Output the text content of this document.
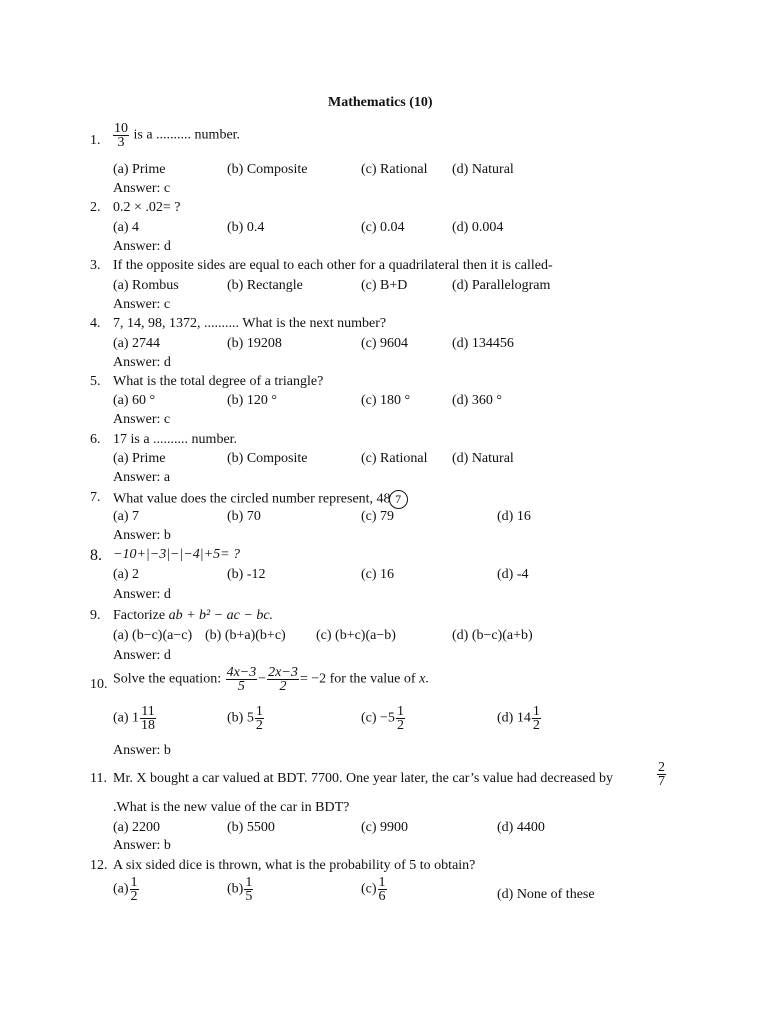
Mathematics (10)
1. $\frac{10}{3}$ is a .......... number.
(a) Prime	(b) Composite	(c) Rational (d) Natural
Answer: c
2. 0.2 × .02= ?
(a) 4	(b) 0.4	(c) 0.04	(d) 0.004
Answer: d
3. If the opposite sides are equal to each other for a quadrilateral then it is called-
(a) Rombus	(b) Rectangle	(c) B+D	(d) Parallelogram
Answer: c
4. 7, 14, 98, 1372, .......... What is the next number?
(a) 2744	(b) 19208	(c) 9604	(d) 134456
Answer: d
5. What is the total degree of a triangle?
(a) 60 °	(b) 120 °	(c) 180 °	(d) 360 °
Answer: c
6. 17 is a .......... number.
(a) Prime	(b) Composite	(c) Rational (d) Natural
Answer: a
7. What value does the circled number represent, 48 7
(a) 7	(b) 70	(c) 79	(d) 16
Answer: b
8. −10+|−3|−|−4|+5= ?
(a) 2	(b) -12	(c) 16	(d) -4
Answer: d
9. Factorize ab + b² − ac − bc.
(a) (b−c)(a−c) (b) (b+a)(b+c) (c) (b+c)(a−b)	(d) (b−c)(a+b)
Answer: d
10. Solve the equation: $\frac{4x-3}{5} - \frac{2x-3}{2} = -2$ for the value of x.
(a) $1 \frac{11}{18}$	(b) $5 \frac{1}{2}$	$(c) -5 \frac{1}{2}$	(d) $14 \frac{1}{2}$
Answer: b
11. Mr. X bought a car valued at BDT. 7700. One year later, the car’s value had decreased by	$\frac{2}{7}$
.What is the new value of the car in BDT?
(a) 2200	(b) 5500	(c) 9900	(d) 4400
Answer: b
12. A six sided dice is thrown, what is the probability of 5 to obtain?
$(a) \frac{1}{2}$	$(b) \frac{1}{5}$	$(c) \frac{1}{6}$	(d) None of these
